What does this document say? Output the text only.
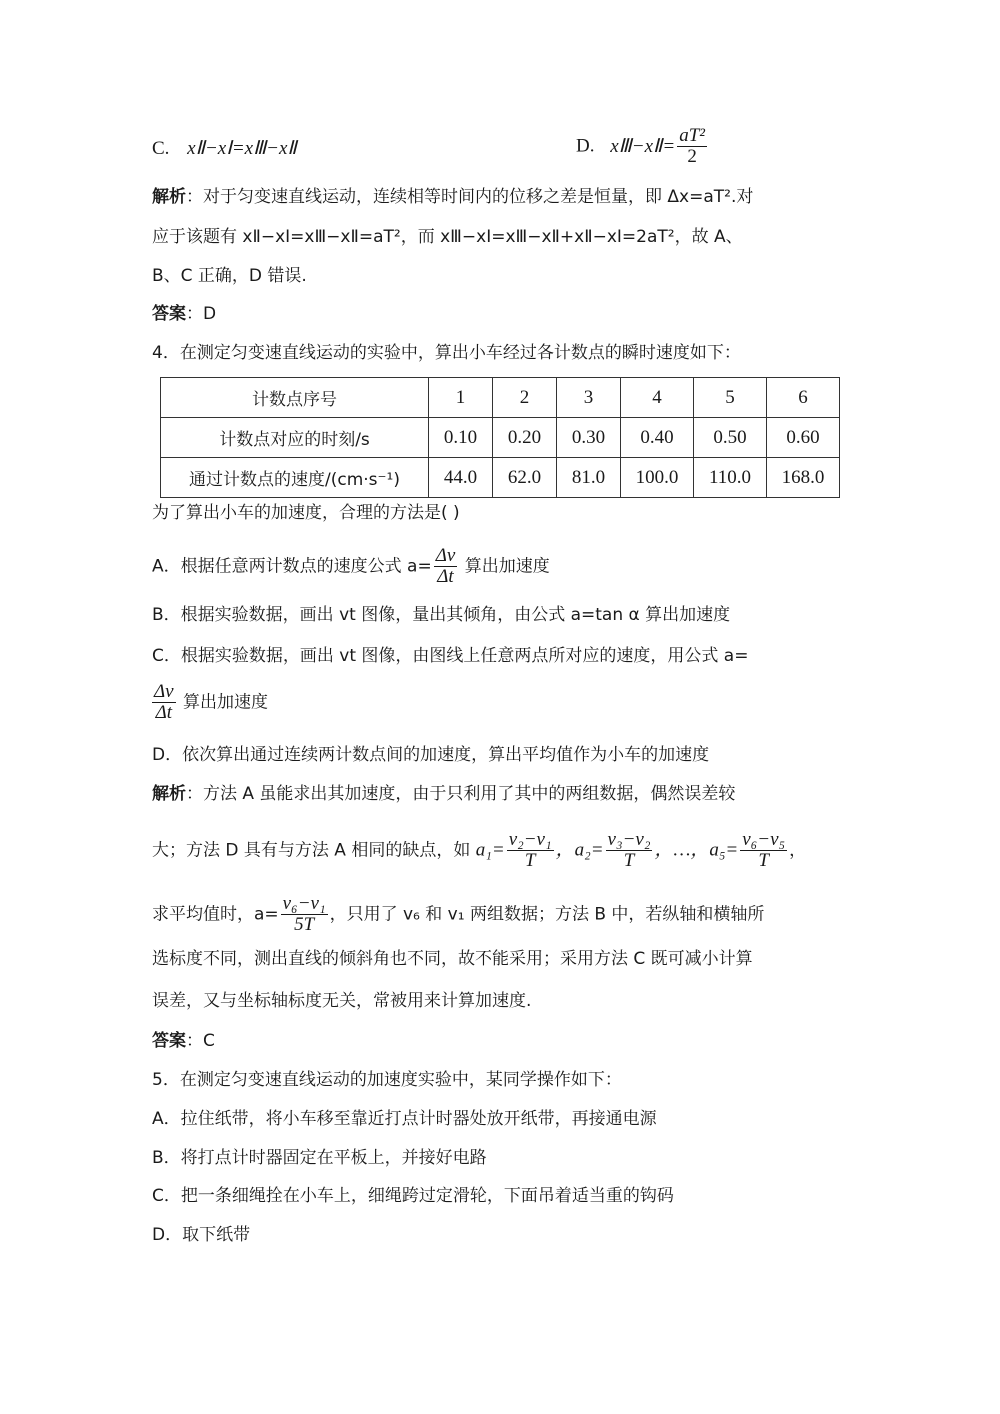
C. xⅡ−xⅠ=xⅢ−xⅡ	D. xⅢ−xⅡ= $\frac{\text{aT²}}{2}$
解析：对于匀变速直线运动，连续相等时间内的位移之差是恒量，即 Δx=aT².对
应于该题有 xⅡ−xⅠ=xⅢ−xⅡ=aT²，而 xⅢ−xⅠ=xⅢ−xⅡ+xⅡ−xⅠ=2aT²，故 A、
B、C 正确，D 错误.
答案：D
4．在测定匀变速直线运动的实验中，算出小车经过各计数点的瞬时速度如下：
计数点序号	1	2	3	4	5	6
计数点对应的时刻/s	0.10	0.20	0.30	0.40	0.50	0.60
通过计数点的速度/(cm·s⁻¹)	44.0	62.0	81.0	100.0	110.0	168.0
为了算出小车的加速度，合理的方法是( )
A．根据任意两计数点的速度公式 $a= \frac{\Delta v}{\Delta t}$ 算出加速度
B．根据实验数据，画出 vt 图像，量出其倾角，由公式 a=tan α 算出加速度
C．根据实验数据，画出 vt 图像，由图线上任意两点所对应的速度，用公式 a=
$\frac{\Delta v}{\Delta t}$ 算出加速度
D．依次算出通过连续两计数点间的加速度，算出平均值作为小车的加速度
解析：方法 A 虽能求出其加速度，由于只利用了其中的两组数据，偶然误差较
大；方法 D 具有与方法 A 相同的缺点，如 $a_1= \frac{\text{v₂−v₁}}{T}$ ，$a_2= \frac{\text{v₃−v₂}}{T}$ ，…，$a_5= \frac{\text{v₆−v₅}}{T}$ ，
求平均值时，$a= \frac{\text{v₆−v₁}}{5T}$ ，只用了 v₆ 和 v₁ 两组数据；方法 B 中，若纵轴和横轴所
选标度不同，测出直线的倾斜角也不同，故不能采用；采用方法 C 既可减小计算
误差，又与坐标轴标度无关，常被用来计算加速度.
答案：C
5．在测定匀变速直线运动的加速度实验中，某同学操作如下：
A．拉住纸带，将小车移至靠近打点计时器处放开纸带，再接通电源
B．将打点计时器固定在平板上，并接好电路
C．把一条细绳拴在小车上，细绳跨过定滑轮，下面吊着适当重的钩码
D．取下纸带
